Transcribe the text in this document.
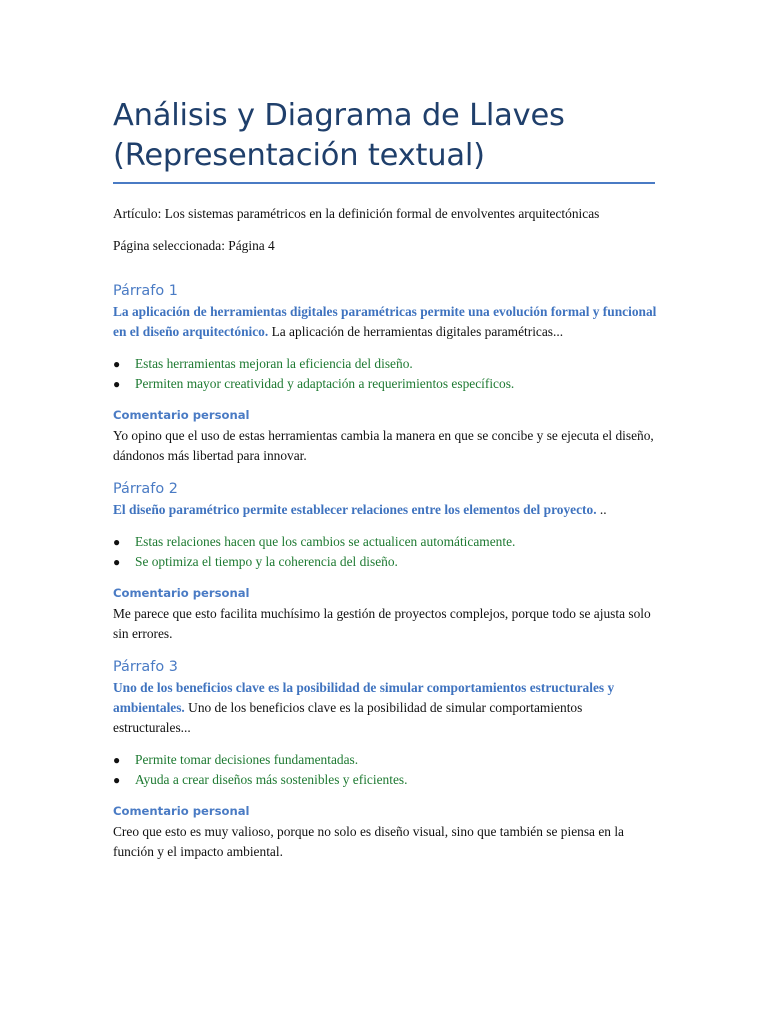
Análisis y Diagrama de Llaves
(Representación textual)

Artículo: Los sistemas paramétricos en la definición formal de envolventes arquitectónicas

Página seleccionada: Página 4

Párrafo 1

La aplicación de herramientas digitales paramétricas permite una evolución formal y funcional en el diseño arquitectónico. La aplicación de herramientas digitales paramétricas...

● Estas herramientas mejoran la eficiencia del diseño.
● Permiten mayor creatividad y adaptación a requerimientos específicos.
Comentario personal

Yo opino que el uso de estas herramientas cambia la manera en que se concibe y se ejecuta el diseño, dándonos más libertad para innovar.

Párrafo 2

El diseño paramétrico permite establecer relaciones entre los elementos del proyecto. ..

● Estas relaciones hacen que los cambios se actualicen automáticamente.
● Se optimiza el tiempo y la coherencia del diseño.
Comentario personal

Me parece que esto facilita muchísimo la gestión de proyectos complejos, porque todo se ajusta solo sin errores.

Párrafo 3

Uno de los beneficios clave es la posibilidad de simular comportamientos estructurales y ambientales. Uno de los beneficios clave es la posibilidad de simular comportamientos estructurales...

● Permite tomar decisiones fundamentadas.
● Ayuda a crear diseños más sostenibles y eficientes.
Comentario personal

Creo que esto es muy valioso, porque no solo es diseño visual, sino que también se piensa en la función y el impacto ambiental.
